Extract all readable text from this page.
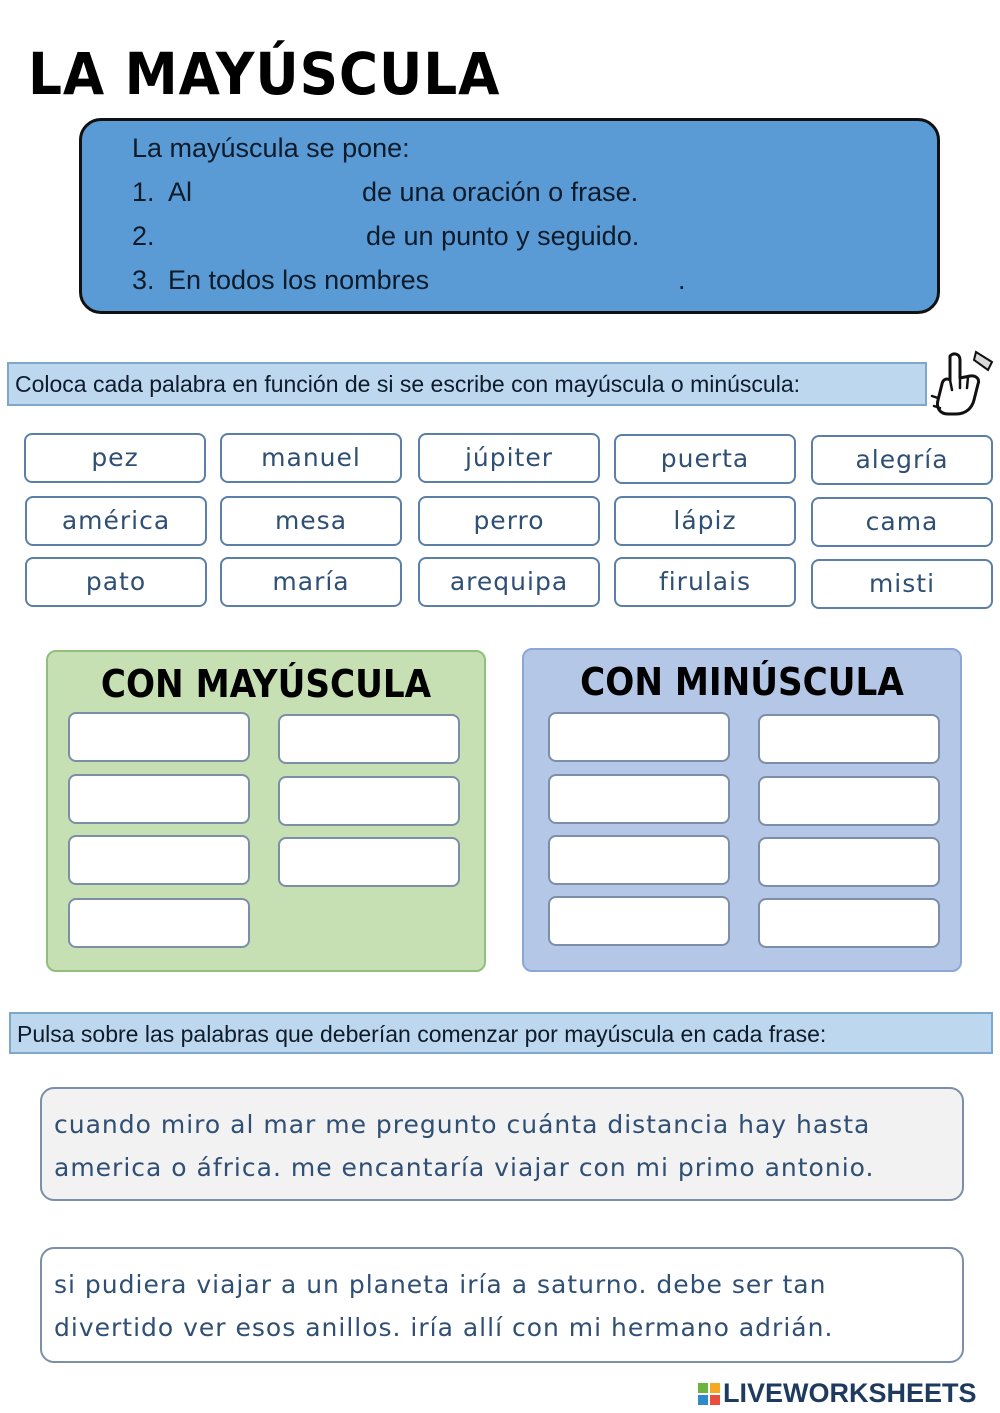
LA MAYÚSCULA
La mayúscula se pone:
1. Al	de una oración o frase.
2.	de un punto y seguido.
3. En todos los nombres	.
Coloca cada palabra en función de si se escribe con mayúscula o minúscula:
pez	manuel	júpiter	puerta	alegría
américa	mesa	perro	lápiz	cama
pato	maría	arequipa	firulais	misti
CON MAYÚSCULA	CON MINÚSCULA
Pulsa sobre las palabras que deberían comenzar por mayúscula en cada frase:
cuando miro al mar me pregunto cuánta distancia hay hasta
america o áfrica. me encantaría viajar con mi primo antonio.
si pudiera viajar a un planeta iría a saturno. debe ser tan
divertido ver esos anillos. iría allí con mi hermano adrián.
LIVEWORKSHEETS
